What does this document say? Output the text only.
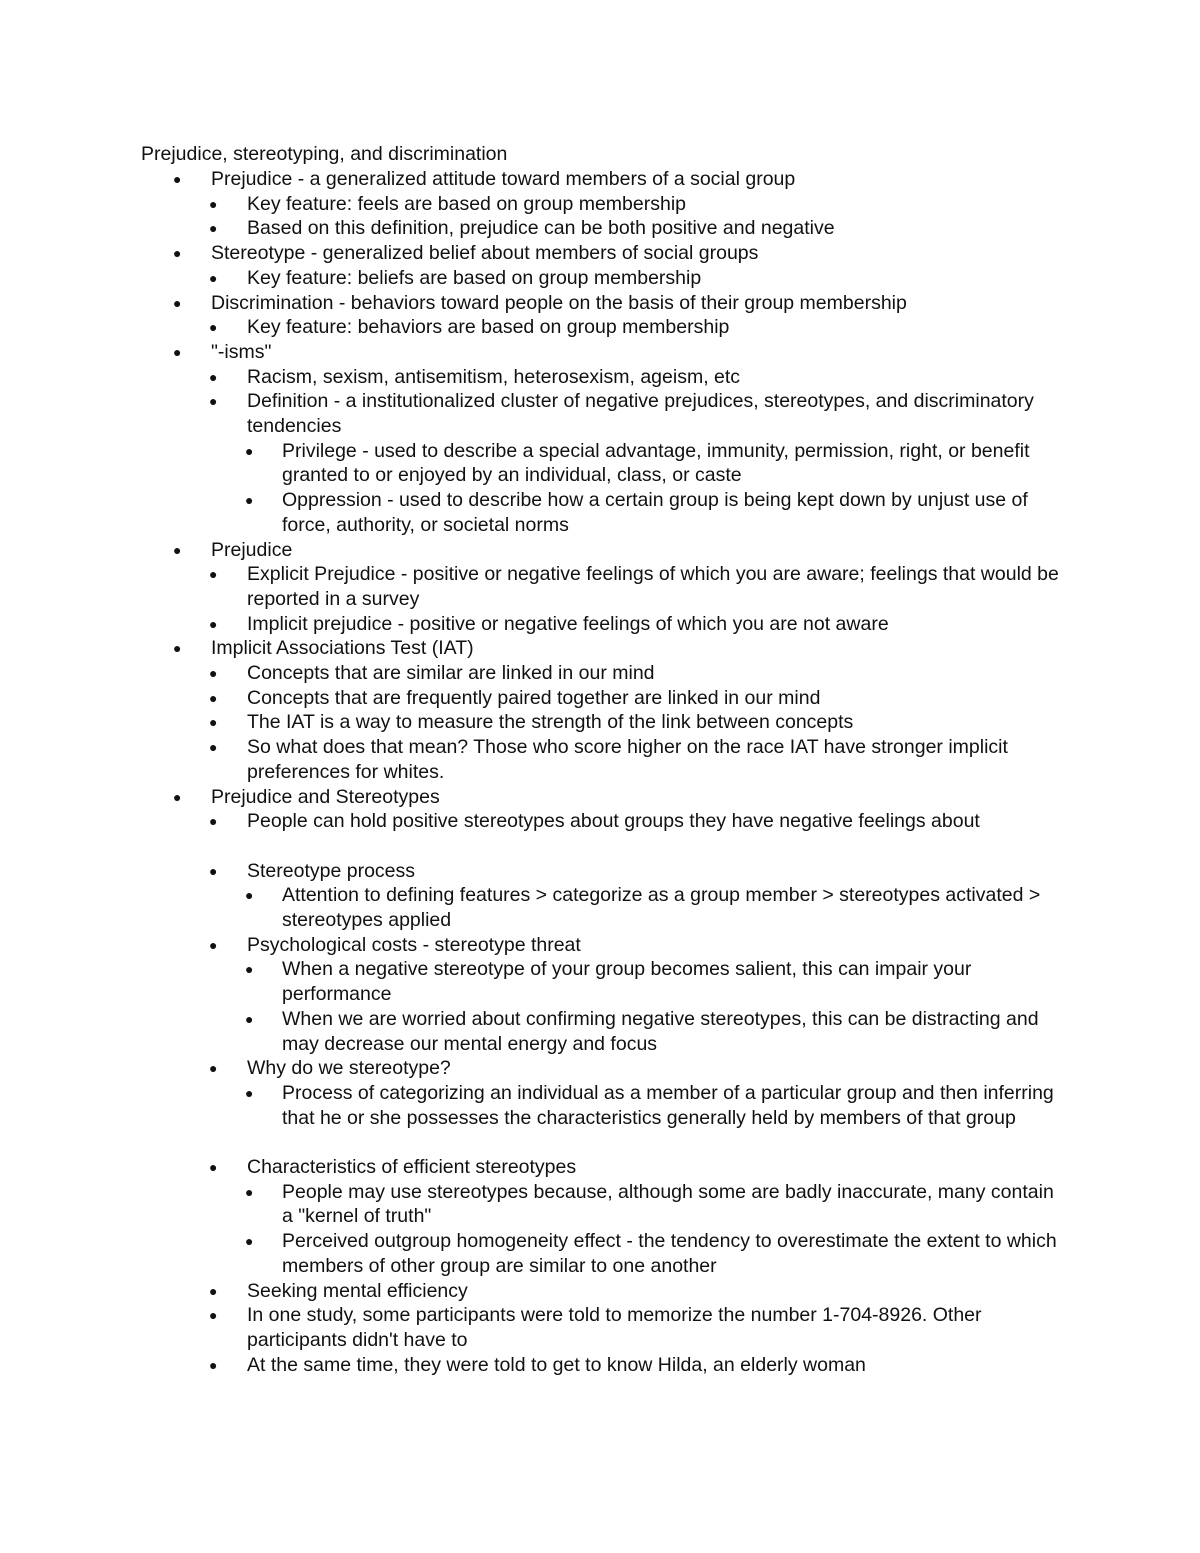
Prejudice, stereotyping, and discrimination
● Prejudice - a generalized attitude toward members of a social group
● Key feature: feels are based on group membership
● Based on this definition, prejudice can be both positive and negative
● Stereotype - generalized belief about members of social groups
● Key feature: beliefs are based on group membership
● Discrimination - behaviors toward people on the basis of their group membership
● Key feature: behaviors are based on group membership
● "-isms"
● Racism, sexism, antisemitism, heterosexism, ageism, etc
● Definition - a institutionalized cluster of negative prejudices, stereotypes, and discriminatory tendencies
● Privilege - used to describe a special advantage, immunity, permission, right, or benefit granted to or enjoyed by an individual, class, or caste
● Oppression - used to describe how a certain group is being kept down by unjust use of force, authority, or societal norms
● Prejudice
● Explicit Prejudice - positive or negative feelings of which you are aware; feelings that would be reported in a survey
● Implicit prejudice - positive or negative feelings of which you are not aware
● Implicit Associations Test (IAT)
● Concepts that are similar are linked in our mind
● Concepts that are frequently paired together are linked in our mind
● The IAT is a way to measure the strength of the link between concepts
● So what does that mean? Those who score higher on the race IAT have stronger implicit preferences for whites.
● Prejudice and Stereotypes
● People can hold positive stereotypes about groups they have negative feelings about
● Stereotype process
● Attention to defining features > categorize as a group member > stereotypes activated > stereotypes applied
● Psychological costs - stereotype threat
● When a negative stereotype of your group becomes salient, this can impair your performance
● When we are worried about confirming negative stereotypes, this can be distracting and may decrease our mental energy and focus
● Why do we stereotype?
● Process of categorizing an individual as a member of a particular group and then inferring that he or she possesses the characteristics generally held by members of that group
● Characteristics of efficient stereotypes
● People may use stereotypes because, although some are badly inaccurate, many contain a "kernel of truth"
● Perceived outgroup homogeneity effect - the tendency to overestimate the extent to which members of other group are similar to one another
● Seeking mental efficiency
● In one study, some participants were told to memorize the number 1-704-8926. Other participants didn't have to
● At the same time, they were told to get to know Hilda, an elderly woman
